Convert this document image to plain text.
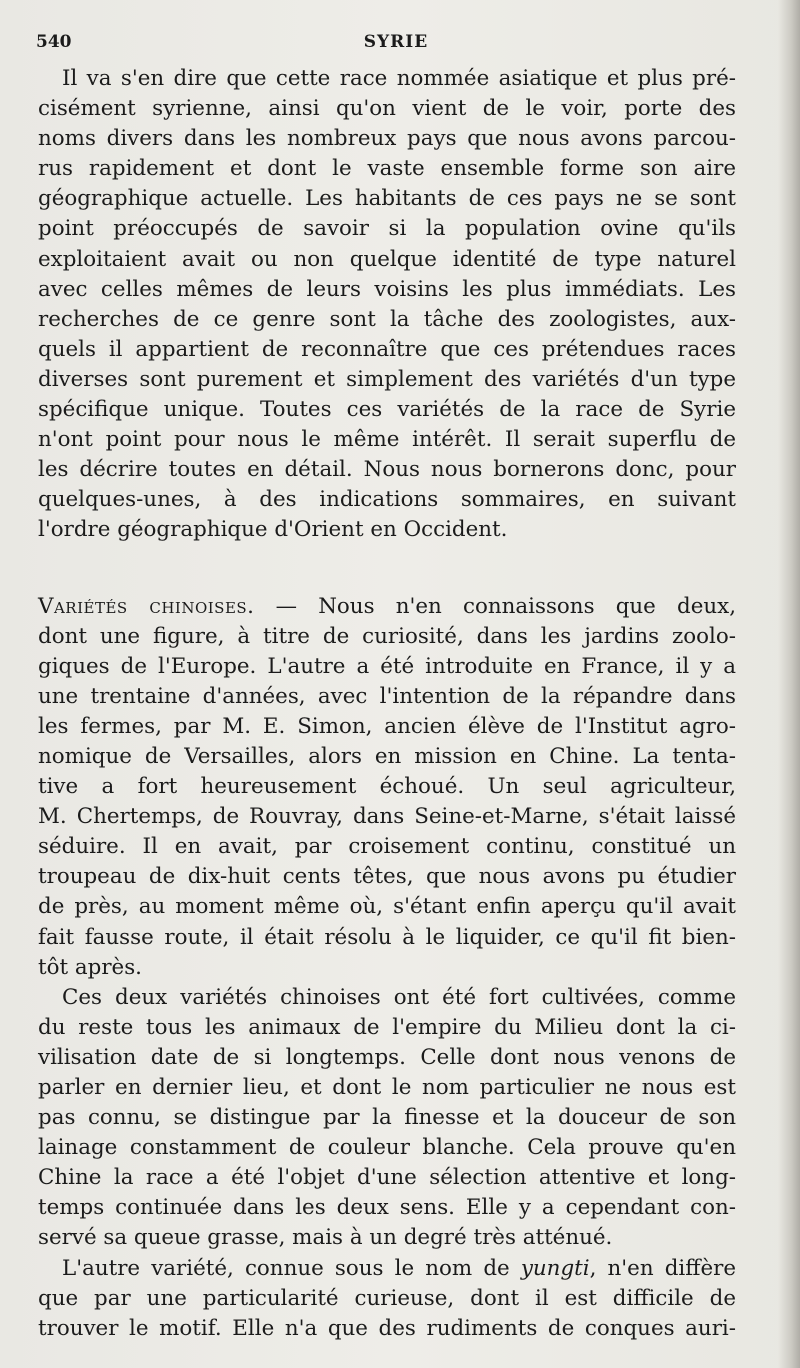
540	SYRIE
Il va s'en dire que cette race nommée asiatique et plus pré-
cisément syrienne, ainsi qu'on vient de le voir, porte des
noms divers dans les nombreux pays que nous avons parcou-
rus rapidement et dont le vaste ensemble forme son aire
géographique actuelle. Les habitants de ces pays ne se sont
point préoccupés de savoir si la population ovine qu'ils
exploitaient avait ou non quelque identité de type naturel
avec celles mêmes de leurs voisins les plus immédiats. Les
recherches de ce genre sont la tâche des zoologistes, aux-
quels il appartient de reconnaître que ces prétendues races
diverses sont purement et simplement des variétés d'un type
spécifique unique. Toutes ces variétés de la race de Syrie
n'ont point pour nous le même intérêt. Il serait superflu de
les décrire toutes en détail. Nous nous bornerons donc, pour
quelques-unes, à des indications sommaires, en suivant
l'ordre géographique d'Orient en Occident.
Variétés chinoises. — Nous n'en connaissons que deux,
dont une figure, à titre de curiosité, dans les jardins zoolo-
giques de l'Europe. L'autre a été introduite en France, il y a
une trentaine d'années, avec l'intention de la répandre dans
les fermes, par M. E. Simon, ancien élève de l'Institut agro-
nomique de Versailles, alors en mission en Chine. La tenta-
tive a fort heureusement échoué. Un seul agriculteur,
M. Chertemps, de Rouvray, dans Seine-et-Marne, s'était laissé
séduire. Il en avait, par croisement continu, constitué un
troupeau de dix-huit cents têtes, que nous avons pu étudier
de près, au moment même où, s'étant enfin aperçu qu'il avait
fait fausse route, il était résolu à le liquider, ce qu'il fit bien-
tôt après.
Ces deux variétés chinoises ont été fort cultivées, comme
du reste tous les animaux de l'empire du Milieu dont la ci-
vilisation date de si longtemps. Celle dont nous venons de
parler en dernier lieu, et dont le nom particulier ne nous est
pas connu, se distingue par la finesse et la douceur de son
lainage constamment de couleur blanche. Cela prouve qu'en
Chine la race a été l'objet d'une sélection attentive et long-
temps continuée dans les deux sens. Elle y a cependant con-
servé sa queue grasse, mais à un degré très atténué.
L'autre variété, connue sous le nom de yungti, n'en diffère
que par une particularité curieuse, dont il est difficile de
trouver le motif. Elle n'a que des rudiments de conques auri-
